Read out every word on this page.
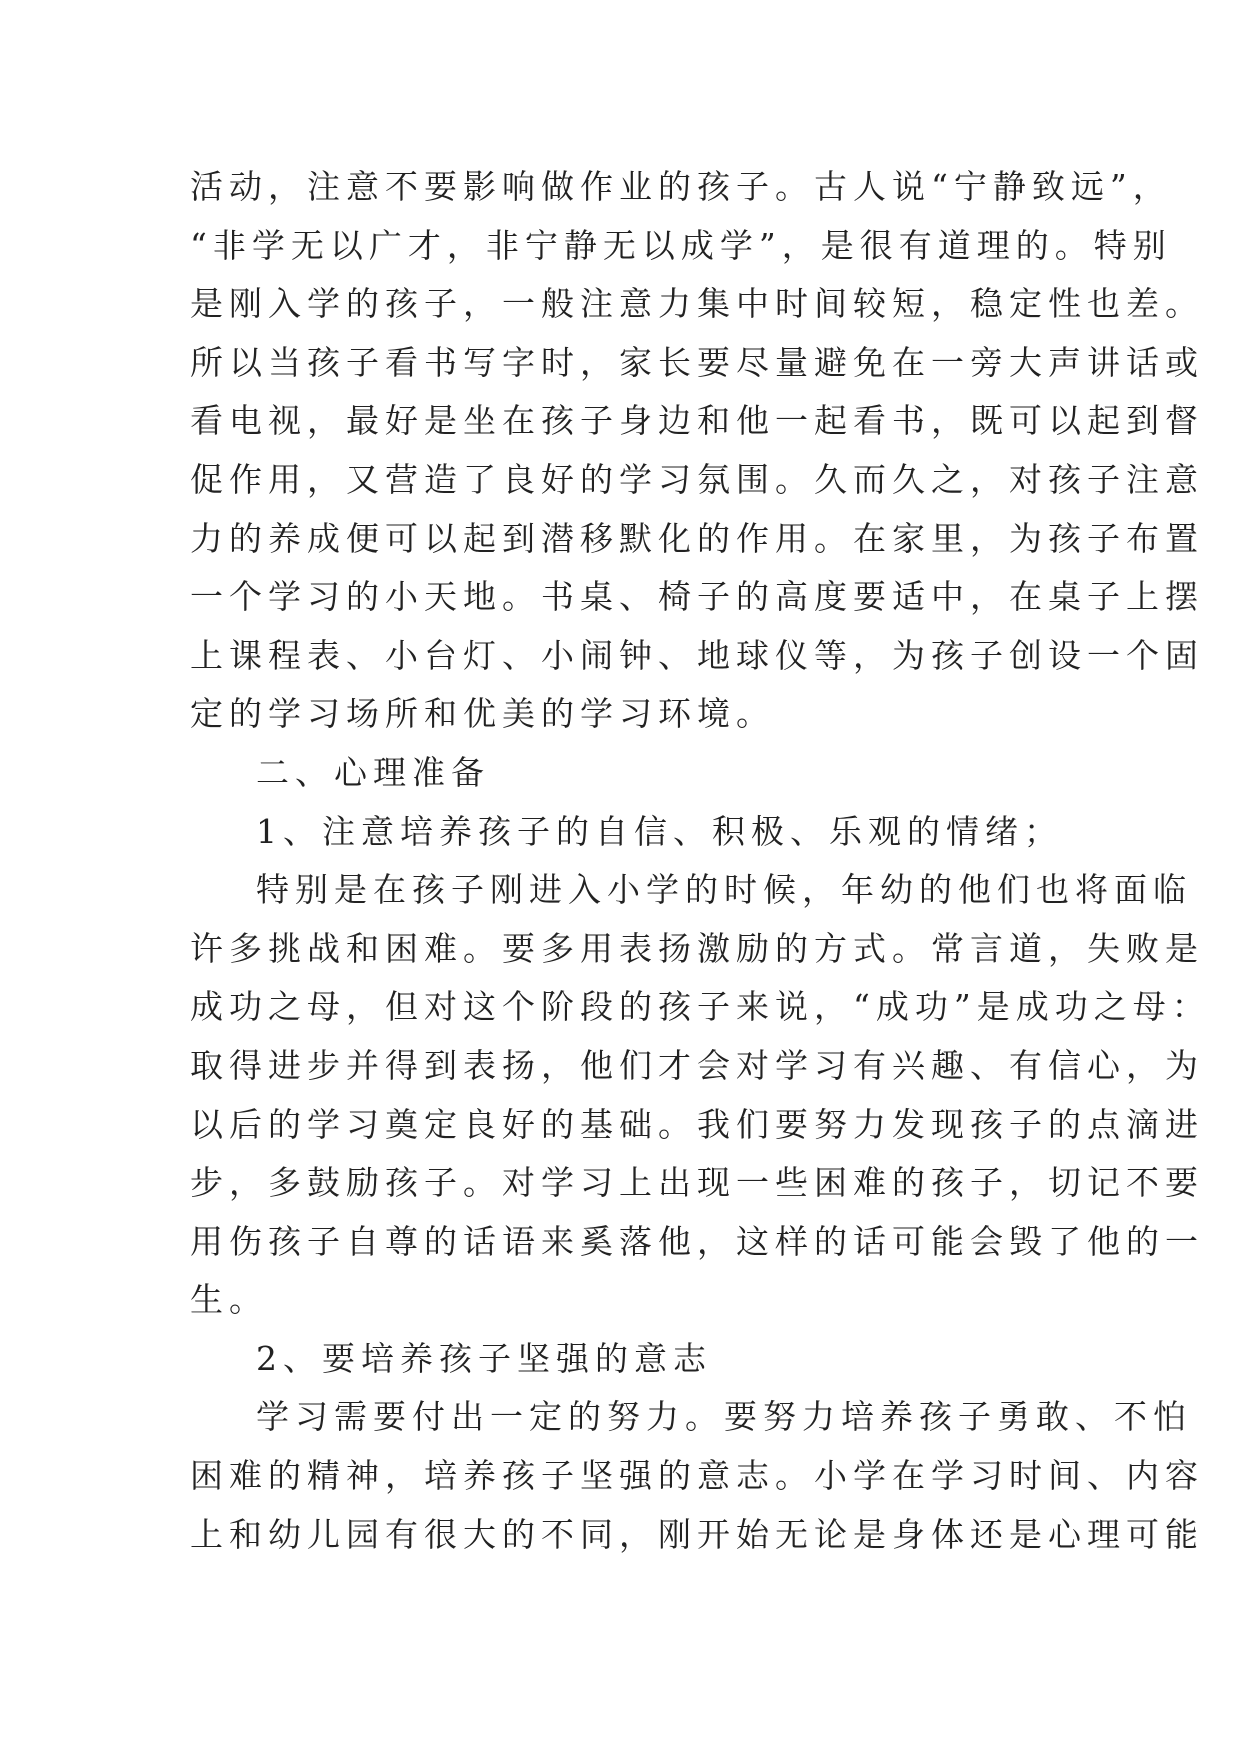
活动，注意不要影响做作业的孩子。古人说“宁静致远”，
“非学无以广才，非宁静无以成学”，是很有道理的。特别
是刚入学的孩子，一般注意力集中时间较短，稳定性也差。
所以当孩子看书写字时，家长要尽量避免在一旁大声讲话或
看电视，最好是坐在孩子身边和他一起看书，既可以起到督
促作用，又营造了良好的学习氛围。久而久之，对孩子注意
力的养成便可以起到潜移默化的作用。在家里，为孩子布置
一个学习的小天地。书桌、椅子的高度要适中，在桌子上摆
上课程表、小台灯、小闹钟、地球仪等，为孩子创设一个固
定的学习场所和优美的学习环境。
二、心理准备
1、注意培养孩子的自信、积极、乐观的情绪；
特别是在孩子刚进入小学的时候，年幼的他们也将面临
许多挑战和困难。要多用表扬激励的方式。常言道，失败是
成功之母，但对这个阶段的孩子来说，“成功”是成功之母：
取得进步并得到表扬，他们才会对学习有兴趣、有信心，为
以后的学习奠定良好的基础。我们要努力发现孩子的点滴进
步，多鼓励孩子。对学习上出现一些困难的孩子，切记不要
用伤孩子自尊的话语来奚落他，这样的话可能会毁了他的一
生。
2、要培养孩子坚强的意志
学习需要付出一定的努力。要努力培养孩子勇敢、不怕
困难的精神，培养孩子坚强的意志。小学在学习时间、内容
上和幼儿园有很大的不同，刚开始无论是身体还是心理可能
